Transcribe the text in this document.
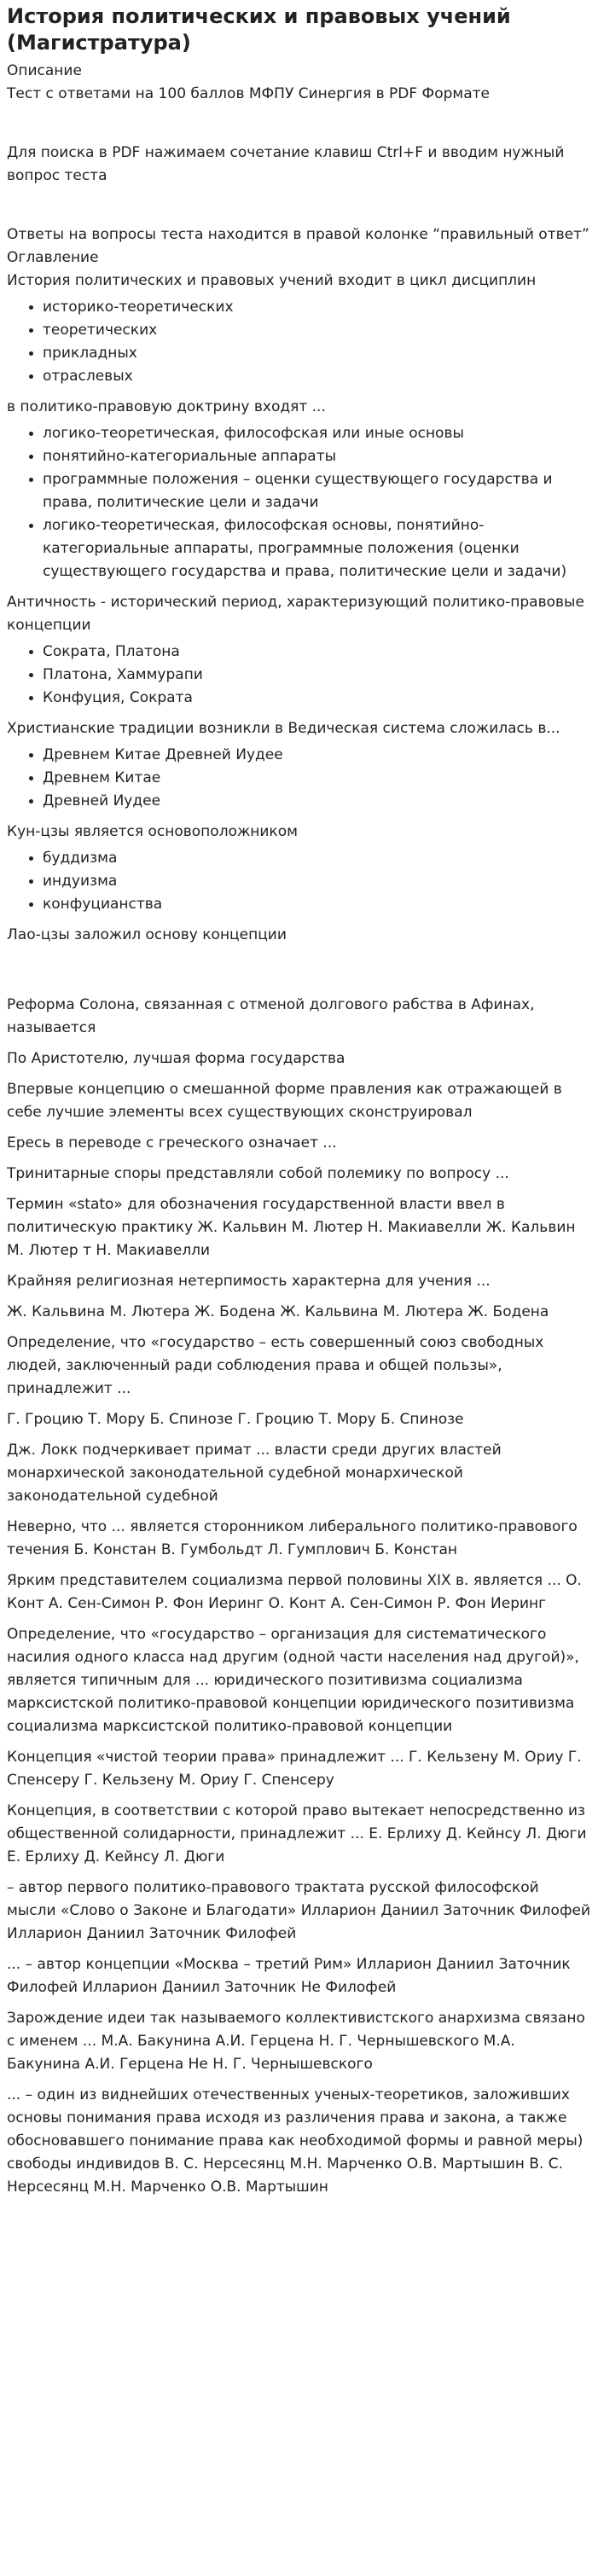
История политических и правовых учений (Магистратура)

Описание

Тест с ответами на 100 баллов МФПУ Синергия в PDF Формате

Для поиска в PDF нажимаем сочетание клавиш Ctrl+F и вводим нужный вопрос теста

Ответы на вопросы теста находится в правой колонке “правильный ответ”

Оглавление

История политических и правовых учений входит в цикл дисциплин

• историко-теоретических
• теоретических
• прикладных
• отраслевых

в политико-правовую доктрину входят ...

• логико-теоретическая, философская или иные основы
• понятийно-категориальные аппараты
• программные положения – оценки существующего государства и права, политические цели и задачи
• логико-теоретическая, философская основы, понятийно-категориальные аппараты, программные положения (оценки существующего государства и права, политические цели и задачи)

Античность - исторический период, характеризующий политико-правовые концепции

• Сократа, Платона
• Платона, Хаммурапи
• Конфуция, Сократа

Христианские традиции возникли в Ведическая система сложилась в...

• Древнем Китае Древней Иудее
• Древнем Китае
• Древней Иудее

Кун-цзы является основоположником

• буддизма
• индуизма
• конфуцианства

Лао-цзы заложил основу концепции

Реформа Солона, связанная с отменой долгового рабства в Афинах, называется

По Аристотелю, лучшая форма государства

Впервые концепцию о смешанной форме правления как отражающей в себе лучшие элементы всех существующих сконструировал

Ересь в переводе с греческого означает ...

Тринитарные споры представляли собой полемику по вопросу ...

Термин «stato» для обозначения государственной власти ввел в политическую практику Ж. Кальвин М. Лютер Н. Макиавелли Ж. Кальвин М. Лютер т Н. Макиавелли

Крайняя религиозная нетерпимость характерна для учения ...

Ж. Кальвина М. Лютера Ж. Бодена Ж. Кальвина М. Лютера Ж. Бодена

Определение, что «государство – есть совершенный союз свободных людей, заключенный ради соблюдения права и общей пользы», принадлежит ...

Г. Гроцию Т. Мору Б. Спинозе Г. Гроцию Т. Мору Б. Спинозе

Дж. Локк подчеркивает примат ... власти среди других властей монархической законодательной судебной монархической законодательной судебной

Неверно, что ... является сторонником либерального политико-правового течения Б. Констан В. Гумбольдт Л. Гумплович Б. Констан

Ярким представителем социализма первой половины XIX в. является ... О. Конт А. Сен-Симон Р. Фон Иеринг О. Конт А. Сен-Симон Р. Фон Иеринг

Определение, что «государство – организация для систематического насилия одного класса над другим (одной части населения над другой)», является типичным для ... юридического позитивизма социализма марксистской политико-правовой концепции юридического позитивизма социализма марксистской политико-правовой концепции

Концепция «чистой теории права» принадлежит ... Г. Кельзену М. Ориу Г. Спенсеру Г. Кельзену М. Ориу Г. Спенсеру

Концепция, в соответствии с которой право вытекает непосредственно из общественной солидарности, принадлежит ... Е. Ерлиху Д. Кейнсу Л. Дюги Е. Ерлиху Д. Кейнсу Л. Дюги

– автор первого политико-правового трактата русской философской мысли «Слово о Законе и Благодати» Илларион Даниил Заточник Филофей Илларион Даниил Заточник Филофей

... – автор концепции «Москва – третий Рим» Илларион Даниил Заточник Филофей Илларион Даниил Заточник Не Филофей

Зарождение идеи так называемого коллективистского анархизма связано с именем ... М.А. Бакунина А.И. Герцена Н. Г. Чернышевского М.А. Бакунина А.И. Герцена Не Н. Г. Чернышевского

... – один из виднейших отечественных ученых-теоретиков, заложивших основы понимания права исходя из различения права и закона, а также обосновавшего понимание права как необходимой формы и равной меры) свободы индивидов В. С. Нерсесянц М.Н. Марченко О.В. Мартышин В. С. Нерсесянц М.Н. Марченко О.В. Мартышин
